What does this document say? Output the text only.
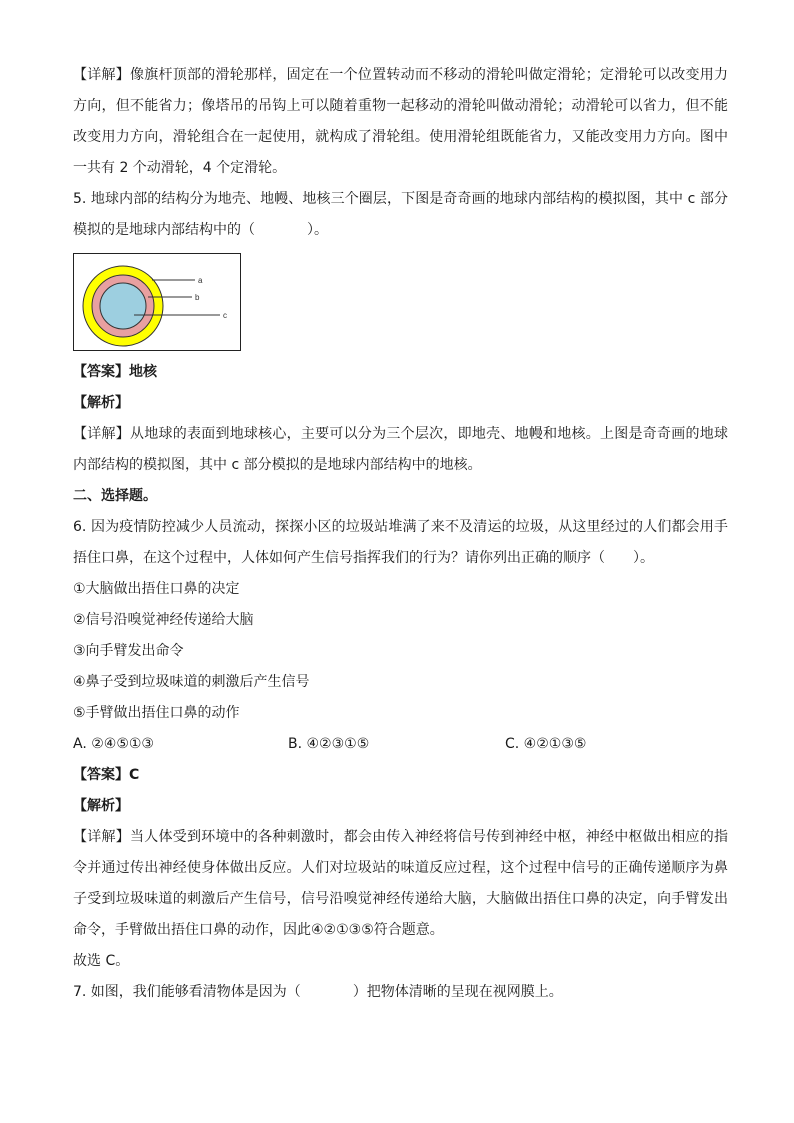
【详解】像旗杆顶部的滑轮那样，固定在一个位置转动而不移动的滑轮叫做定滑轮；定滑轮可以改变用力
方向，但不能省力；像塔吊的吊钩上可以随着重物一起移动的滑轮叫做动滑轮；动滑轮可以省力，但不能
改变用力方向，滑轮组合在一起使用，就构成了滑轮组。使用滑轮组既能省力，又能改变用力方向。图中
一共有 2 个动滑轮，4 个定滑轮。
5. 地球内部的结构分为地壳、地幔、地核三个圈层，下图是奇奇画的地球内部结构的模拟图，其中 c 部分
模拟的是地球内部结构中的（	）。
a
b
c
【答案】地核
【解析】
【详解】从地球的表面到地球核心，主要可以分为三个层次，即地壳、地幔和地核。上图是奇奇画的地球
内部结构的模拟图，其中 c 部分模拟的是地球内部结构中的地核。
二、选择题。
6. 因为疫情防控减少人员流动，探探小区的垃圾站堆满了来不及清运的垃圾，从这里经过的人们都会用手
捂住口鼻，在这个过程中，人体如何产生信号指挥我们的行为？请你列出正确的顺序（　　）。
①大脑做出捂住口鼻的决定
②信号沿嗅觉神经传递给大脑
③向手臂发出命令
④鼻子受到垃圾味道的刺激后产生信号
⑤手臂做出捂住口鼻的动作
A. ②④⑤①③	B. ④②③①⑤	C. ④②①③⑤
【答案】C
【解析】
【详解】当人体受到环境中的各种刺激时，都会由传入神经将信号传到神经中枢，神经中枢做出相应的指
令并通过传出神经使身体做出反应。人们对垃圾站的味道反应过程，这个过程中信号的正确传递顺序为鼻
子受到垃圾味道的刺激后产生信号，信号沿嗅觉神经传递给大脑，大脑做出捂住口鼻的决定，向手臂发出
命令，手臂做出捂住口鼻的动作，因此④②①③⑤符合题意。
故选 C。
7. 如图，我们能够看清物体是因为（	）把物体清晰的呈现在视网膜上。
